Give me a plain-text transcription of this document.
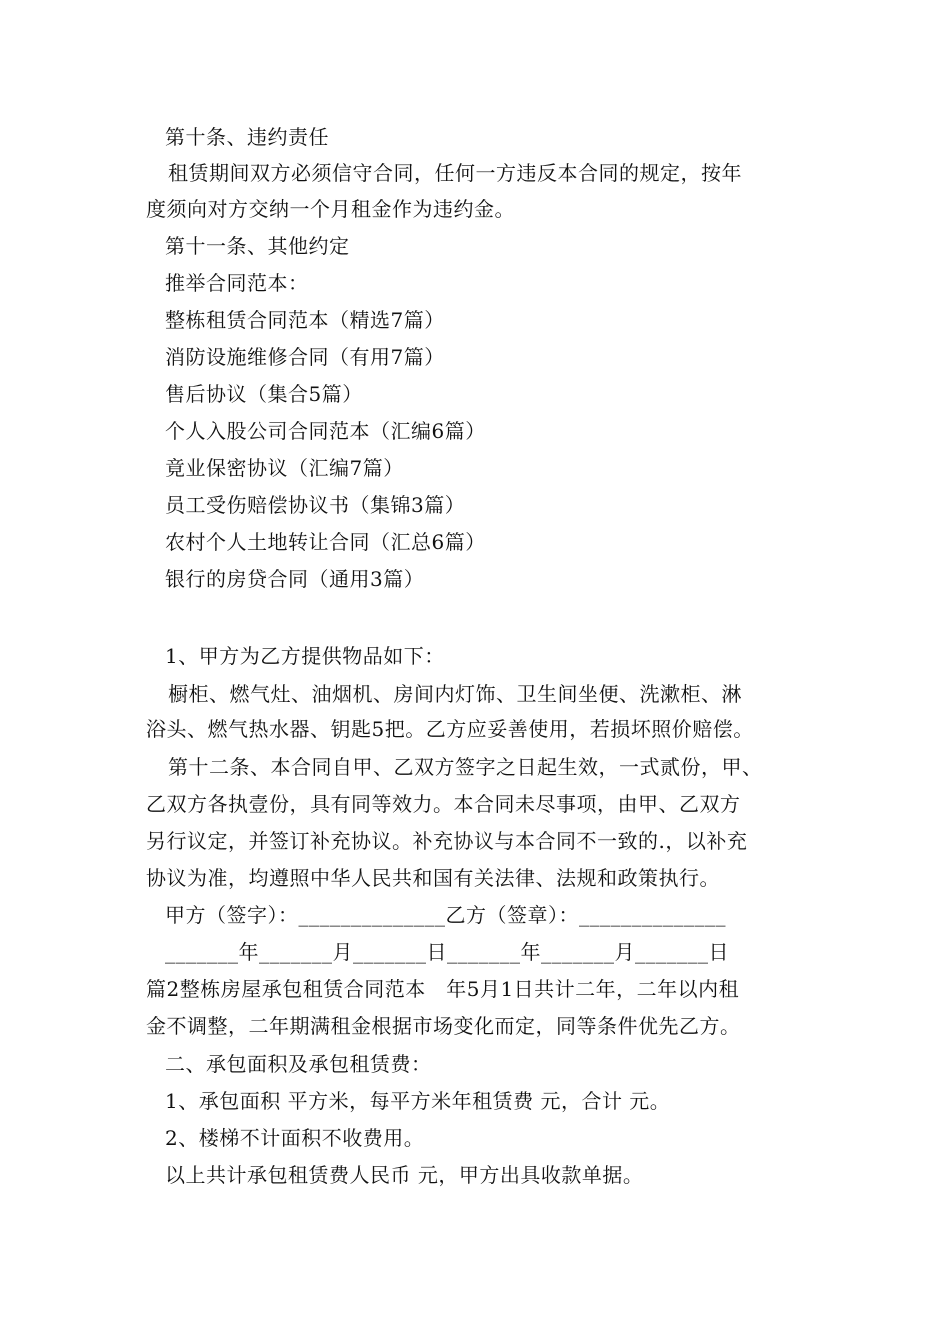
第十条、违约责任
租赁期间双方必须信守合同，任何一方违反本合同的规定，按年
度须向对方交纳一个月租金作为违约金。
第十一条、其他约定
推举合同范本：
整栋租赁合同范本（精选7篇）
消防设施维修合同（有用7篇）
售后协议（集合5篇）
个人入股公司合同范本（汇编6篇）
竟业保密协议（汇编7篇）
员工受伤赔偿协议书（集锦3篇）
农村个人土地转让合同（汇总6篇）
银行的房贷合同（通用3篇）
1、甲方为乙方提供物品如下：
橱柜、燃气灶、油烟机、房间内灯饰、卫生间坐便、洗漱柜、淋
浴头、燃气热水器、钥匙5把。乙方应妥善使用，若损坏照价赔偿。
第十二条、本合同自甲、乙双方签字之日起生效，一式贰份，甲、
乙双方各执壹份，具有同等效力。本合同未尽事项，由甲、乙双方
另行议定，并签订补充协议。补充协议与本合同不一致的.，以补充
协议为准，均遵照中华人民共和国有关法律、法规和政策执行。
甲方（签字）：______________乙方（签章）：______________
_______年_______月_______日_______年_______月_______日
篇2整栋房屋承包租赁合同范本　年5月1日共计二年，二年以内租
金不调整，二年期满租金根据市场变化而定，同等条件优先乙方。
二、承包面积及承包租赁费：
1、承包面积 平方米，每平方米年租赁费 元，合计 元。
2、楼梯不计面积不收费用。
以上共计承包租赁费人民币 元，甲方出具收款单据。
